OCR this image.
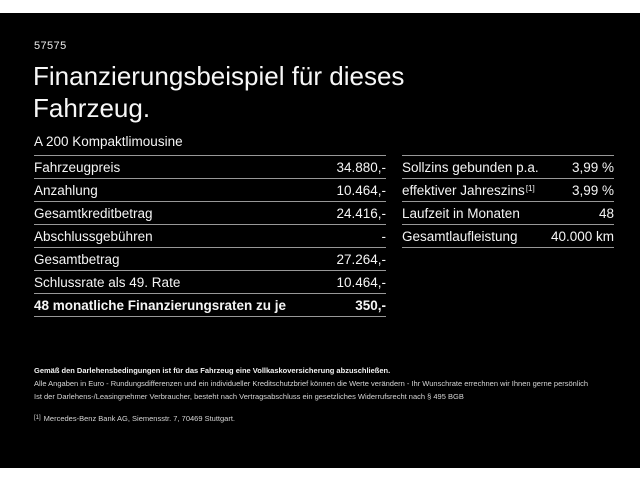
57575
Finanzierungsbeispiel für dieses Fahrzeug.
A 200 Kompaktlimousine
Fahrzeugpreis	34.880,-
Anzahlung	10.464,-
Gesamtkreditbetrag	24.416,-
Abschlussgebühren	-
Gesamtbetrag	27.264,-
Schlussrate als 49. Rate	10.464,-
48 monatliche Finanzierungsraten zu je	350,-
Sollzins gebunden p.a. 3,99 %
effektiver Jahreszins[1]	3,99 %
Laufzeit in Monaten	48
Gesamtlaufleistung 40.000 km
Gemäß den Darlehensbedingungen ist für das Fahrzeug eine Vollkaskoversicherung abzuschließen.
Alle Angaben in Euro - Rundungsdifferenzen und ein individueller Kreditschutzbrief können die Werte verändern - Ihr Wunschrate errechnen wir Ihnen gerne persönlich
Ist der Darlehens-/Leasingnehmer Verbraucher, besteht nach Vertragsabschluss ein gesetzliches Widerrufsrecht nach § 495 BGB
[1] Mercedes-Benz Bank AG, Siemensstr. 7, 70469 Stuttgart.
